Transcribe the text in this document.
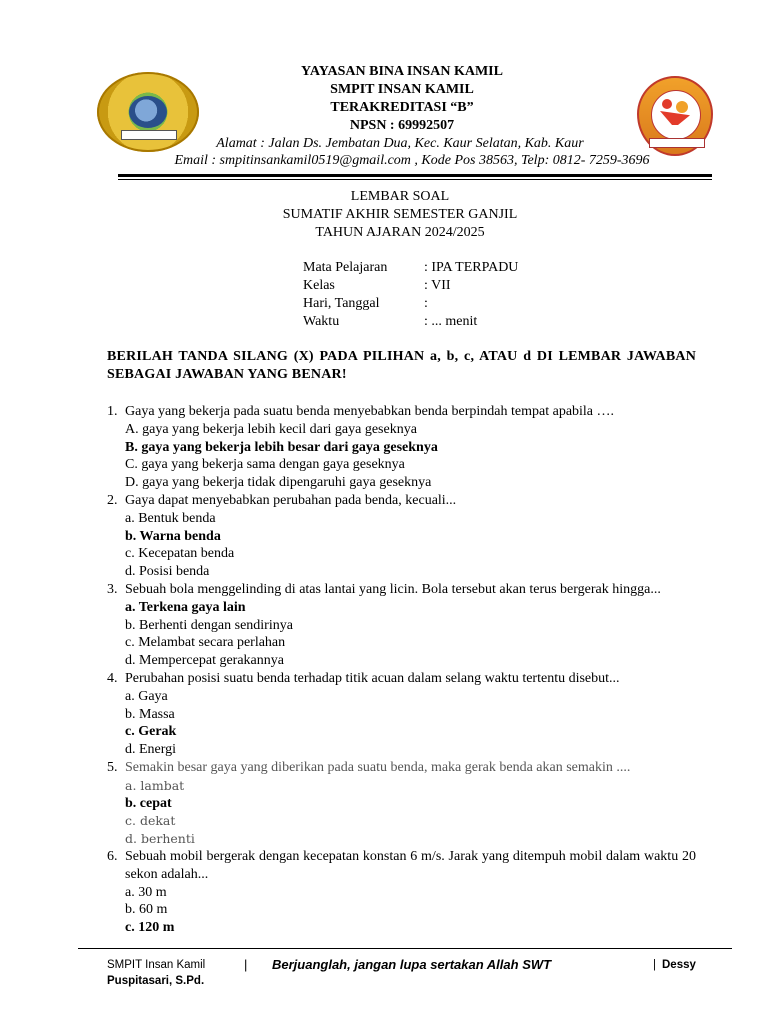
YAYASAN BINA INSAN KAMIL
SMPIT INSAN KAMIL
TERAKREDITASI “B”
NPSN : 69992507
Alamat : Jalan Ds. Jembatan Dua, Kec. Kaur Selatan, Kab. Kaur
Email : smpitinsankamil0519@gmail.com , Kode Pos 38563, Telp: 0812- 7259-3696
LEMBAR SOAL
SUMATIF AKHIR SEMESTER GANJIL
TAHUN AJARAN 2024/2025
Mata Pelajaran	: IPA TERPADU
Kelas	: VII
Hari, Tanggal	:
Waktu	: ... menit
BERILAH TANDA SILANG (X) PADA PILIHAN a, b, c, ATAU d DI LEMBAR JAWABAN SEBAGAI JAWABAN YANG BENAR!
1. Gaya yang bekerja pada suatu benda menyebabkan benda berpindah tempat apabila ….
A. gaya yang bekerja lebih kecil dari gaya geseknya
B. gaya yang bekerja lebih besar dari gaya geseknya
C. gaya yang bekerja sama dengan gaya geseknya
D. gaya yang bekerja tidak dipengaruhi gaya geseknya
2. Gaya dapat menyebabkan perubahan pada benda, kecuali...
a. Bentuk benda
b. Warna benda
c. Kecepatan benda
d. Posisi benda
3. Sebuah bola menggelinding di atas lantai yang licin. Bola tersebut akan terus bergerak hingga...
a. Terkena gaya lain
b. Berhenti dengan sendirinya
c. Melambat secara perlahan
d. Mempercepat gerakannya
4. Perubahan posisi suatu benda terhadap titik acuan dalam selang waktu tertentu disebut...
a. Gaya
b. Massa
c. Gerak
d. Energi
5. Semakin besar gaya yang diberikan pada suatu benda, maka gerak benda akan semakin ....
a. lambat
b. cepat
c. dekat
d. berhenti
6. Sebuah mobil bergerak dengan kecepatan konstan 6 m/s. Jarak yang ditempuh mobil dalam waktu 20 sekon adalah...
a. 30 m
b. 60 m
c. 120 m
SMPIT Insan Kamil	| Berjuanglah, jangan lupa sertakan Allah SWT	| Dessy
Puspitasari, S.Pd.
